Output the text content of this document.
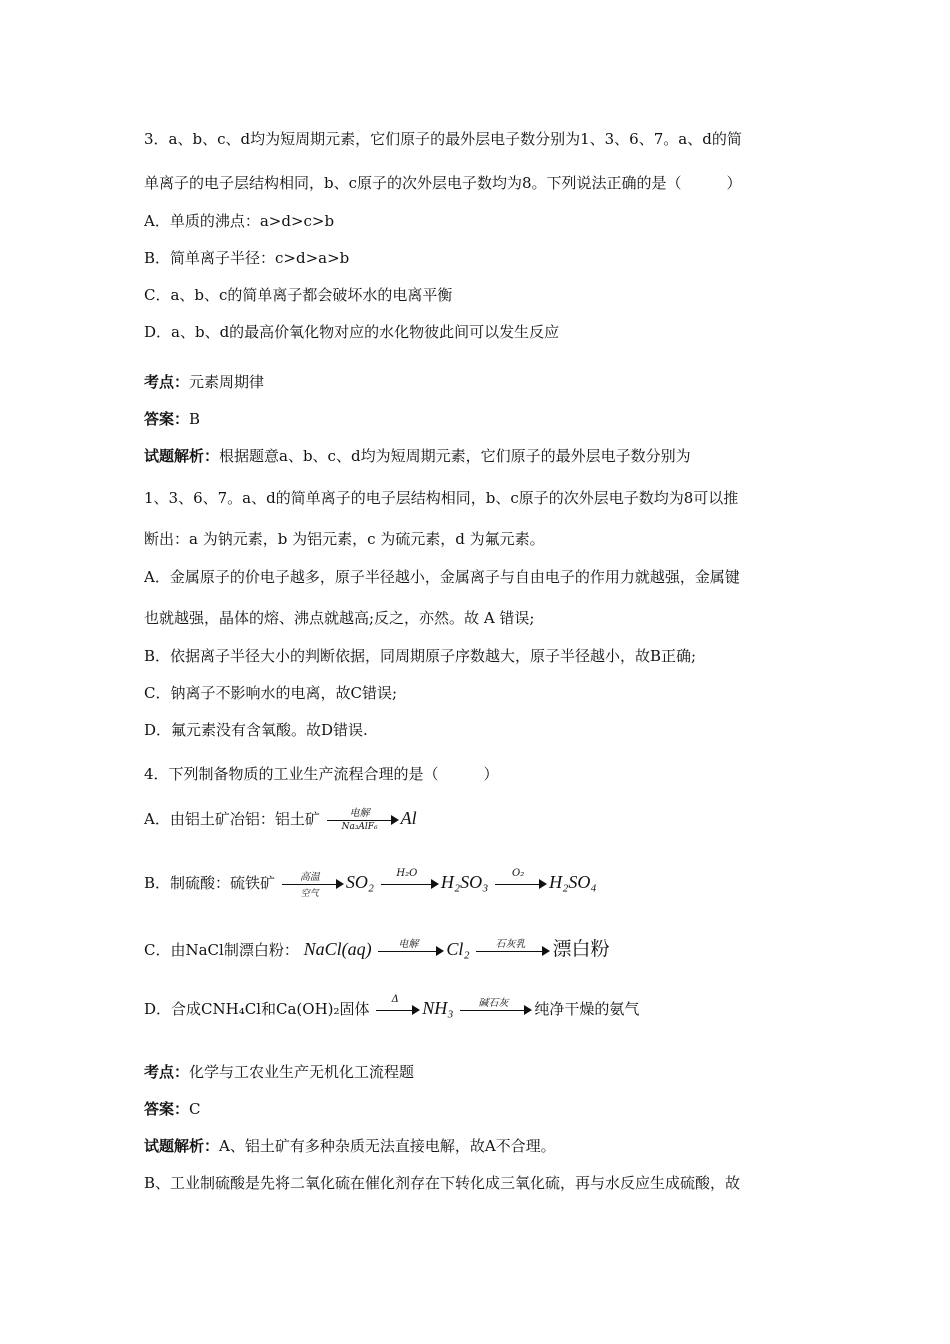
3．a、b、c、d均为短周期元素，它们原子的最外层电子数分别为1、3、6、7。a、d的简
单离子的电子层结构相同，b、c原子的次外层电子数均为8。下列说法正确的是（　　　）
A．单质的沸点：a>d>c>b
B．简单离子半径：c>d>a>b
C．a、b、c的简单离子都会破坏水的电离平衡
D．a、b、d的最高价氧化物对应的水化物彼此间可以发生反应
考点：元素周期律
答案：B
试题解析：根据题意a、b、c、d均为短周期元素，它们原子的最外层电子数分别为
1、3、6、7。a、d的简单离子的电子层结构相同，b、c原子的次外层电子数均为8可以推
断出：a 为钠元素，b 为铝元素，c 为硫元素，d 为氟元素。
A．金属原子的价电子越多，原子半径越小，金属离子与自由电子的作用力就越强，金属键
也就越强，晶体的熔、沸点就越高;反之，亦然。故 A 错误;
B．依据离子半径大小的判断依据，同周期原子序数越大，原子半径越小，故B正确;
C．钠离子不影响水的电离，故C错误;
D．氟元素没有含氧酸。故D错误.
4．下列制备物质的工业生产流程合理的是（　　　）
A．由铝土矿冶铝：铝土矿	电解
Na₃AlF₆	Al
B．制硫酸：硫铁矿	高温
空气
SO₂	H₂O	H₂SO₃	O₂	H₂SO₄
C．由NaCl制漂白粉： NaCl(aq)	电解	Cl₂	石灰乳	漂白粉
D．合成CNH₄Cl和Ca(OH)₂固体
Δ	NH₃	碱石灰	纯净干燥的氨气
考点：化学与工农业生产无机化工流程题
答案：C
试题解析：A、铝土矿有多种杂质无法直接电解，故A不合理。
B、工业制硫酸是先将二氧化硫在催化剂存在下转化成三氧化硫，再与水反应生成硫酸，故
